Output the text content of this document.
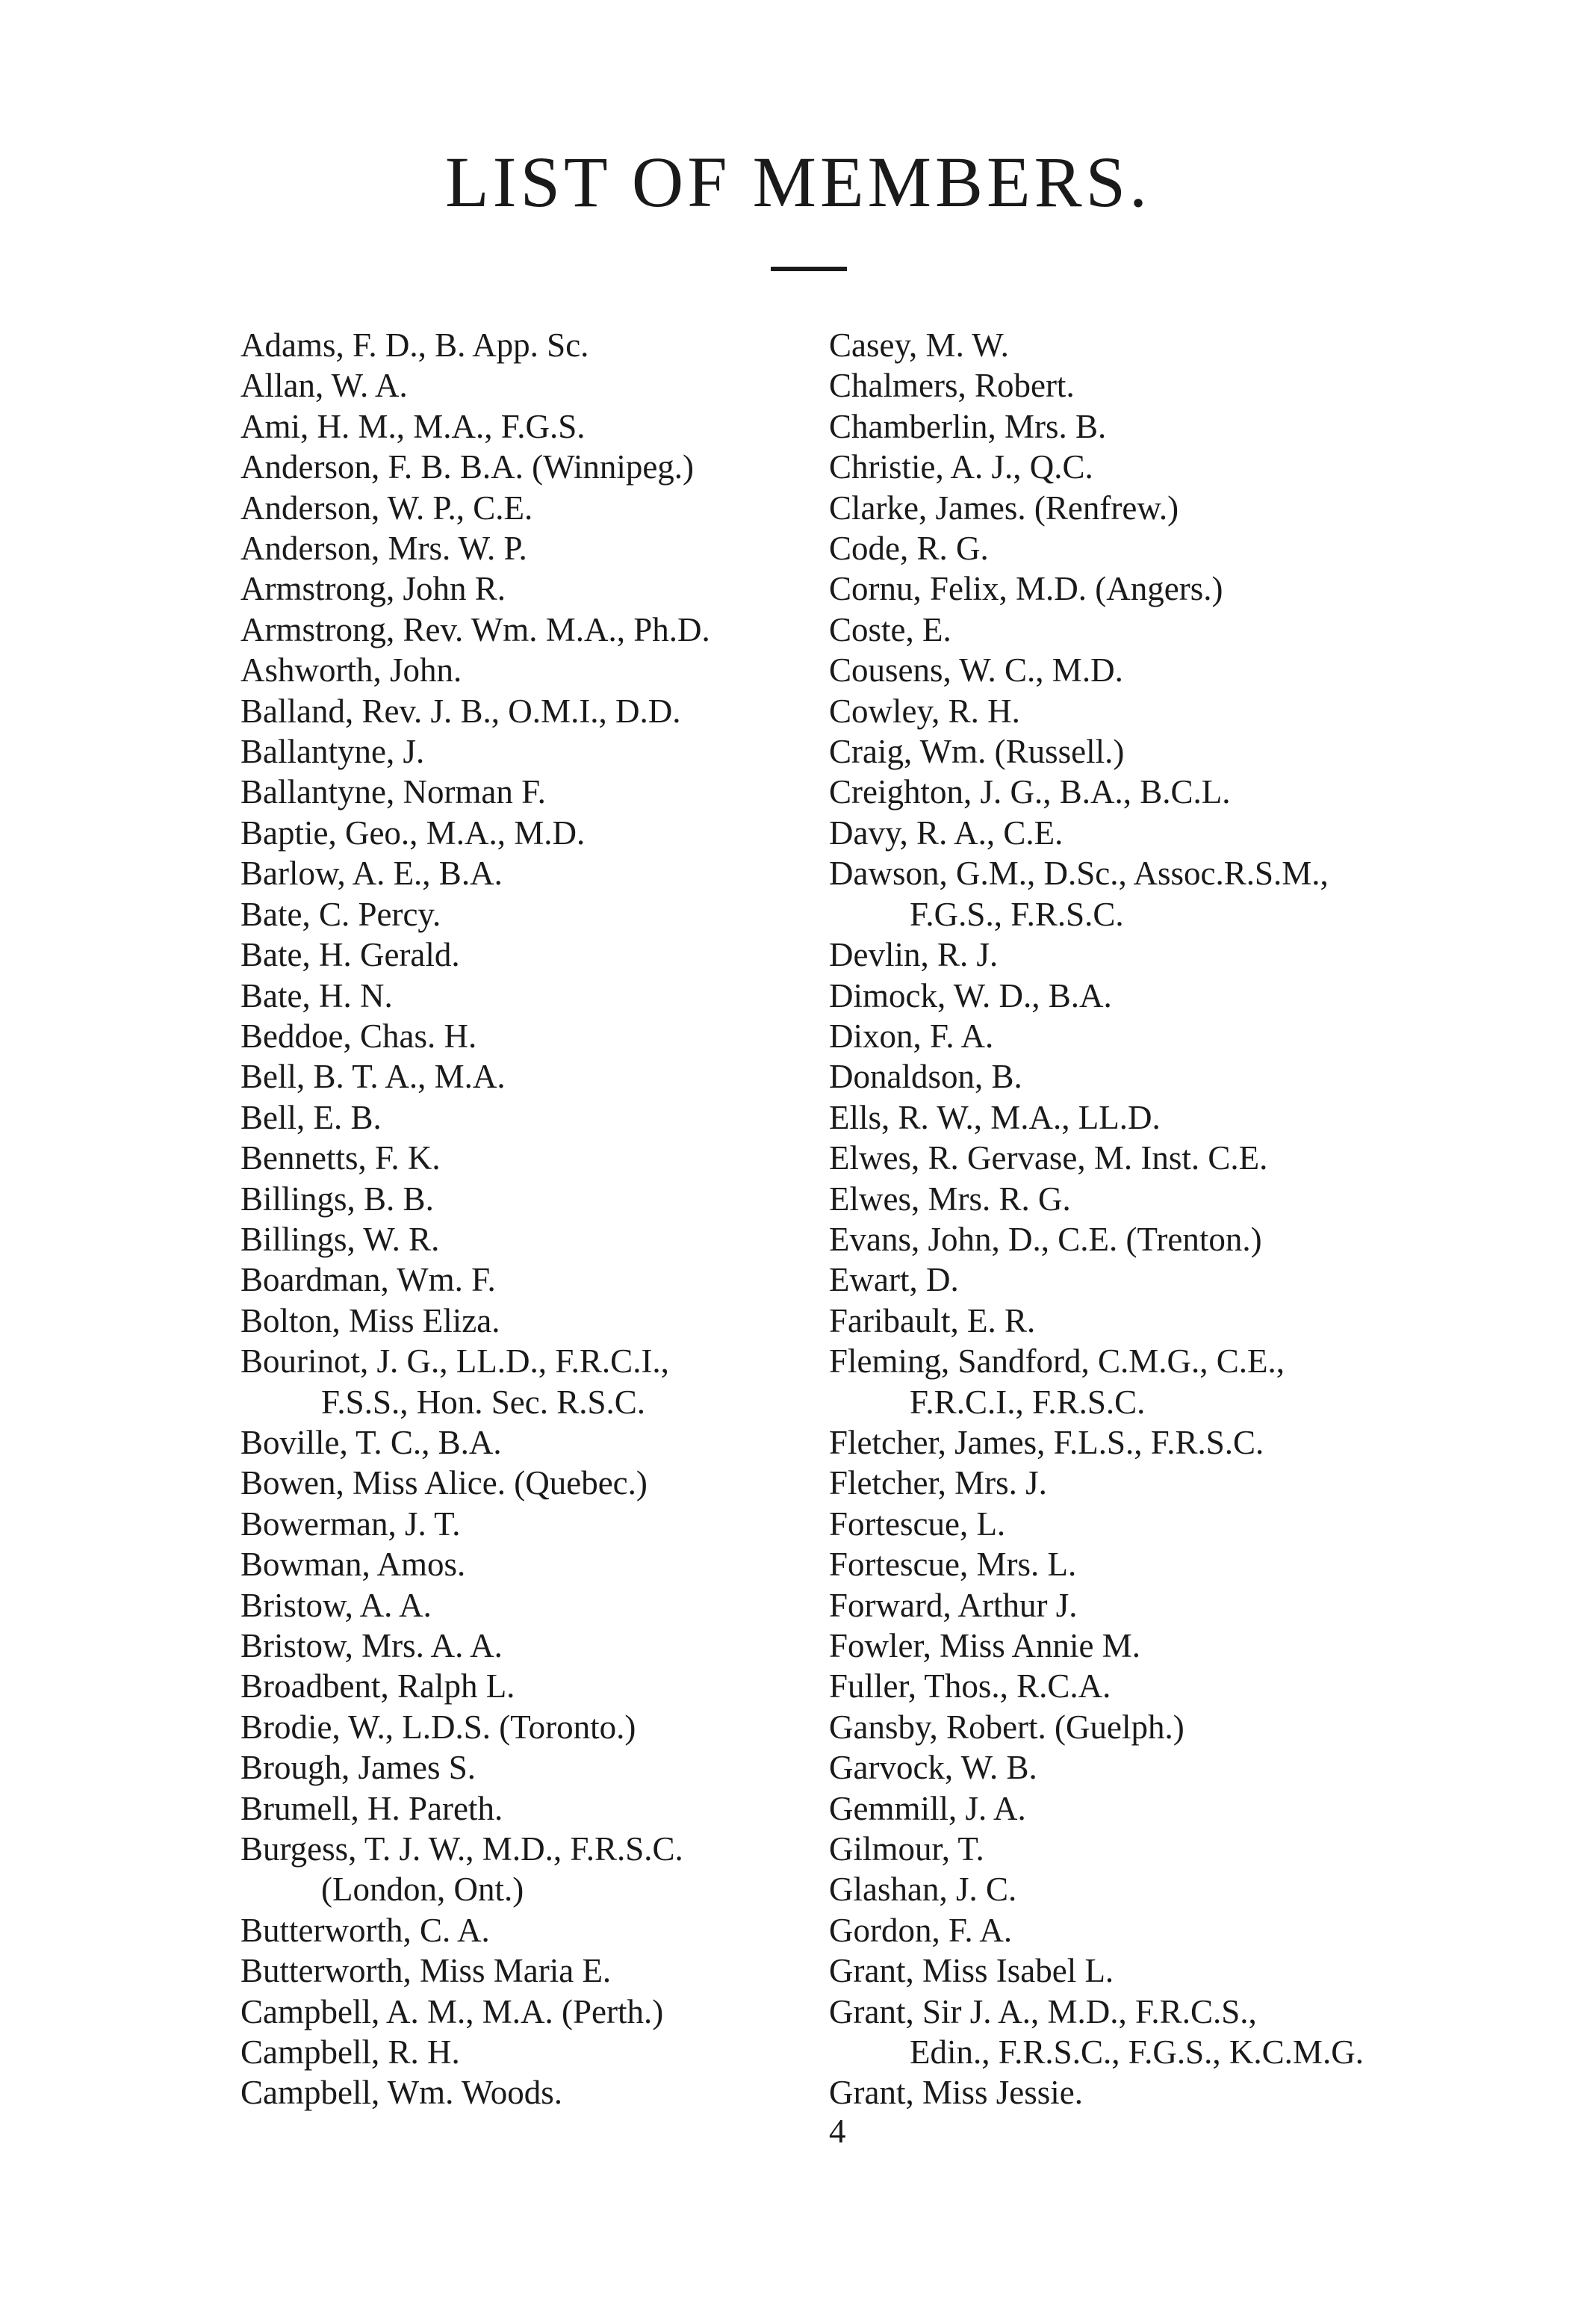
LIST OF MEMBERS.
Adams, F. D., B. App. Sc.
Allan, W. A.
Ami, H. M., M.A., F.G.S.
Anderson, F. B. B.A. (Winnipeg.)
Anderson, W. P., C.E.
Anderson, Mrs. W. P.
Armstrong, John R.
Armstrong, Rev. Wm. M.A., Ph.D.
Ashworth, John.
Balland, Rev. J. B., O.M.I., D.D.
Ballantyne, J.
Ballantyne, Norman F.
Baptie, Geo., M.A., M.D.
Barlow, A. E., B.A.
Bate, C. Percy.
Bate, H. Gerald.
Bate, H. N.
Beddoe, Chas. H.
Bell, B. T. A., M.A.
Bell, E. B.
Bennetts, F. K.
Billings, B. B.
Billings, W. R.
Boardman, Wm. F.
Bolton, Miss Eliza.
Bourinot, J. G., LL.D., F.R.C.I.,
F.S.S., Hon. Sec. R.S.C.
Boville, T. C., B.A.
Bowen, Miss Alice. (Quebec.)
Bowerman, J. T.
Bowman, Amos.
Bristow, A. A.
Bristow, Mrs. A. A.
Broadbent, Ralph L.
Brodie, W., L.D.S. (Toronto.)
Brough, James S.
Brumell, H. Pareth.
Burgess, T. J. W., M.D., F.R.S.C.
(London, Ont.)
Butterworth, C. A.
Butterworth, Miss Maria E.
Campbell, A. M., M.A. (Perth.)
Campbell, R. H.
Campbell, Wm. Woods.
Casey, M. W.
Chalmers, Robert.
Chamberlin, Mrs. B.
Christie, A. J., Q.C.
Clarke, James. (Renfrew.)
Code, R. G.
Cornu, Felix, M.D. (Angers.)
Coste, E.
Cousens, W. C., M.D.
Cowley, R. H.
Craig, Wm. (Russell.)
Creighton, J. G., B.A., B.C.L.
Davy, R. A., C.E.
Dawson, G.M., D.Sc., Assoc.R.S.M.,
F.G.S., F.R.S.C.
Devlin, R. J.
Dimock, W. D., B.A.
Dixon, F. A.
Donaldson, B.
Ells, R. W., M.A., LL.D.
Elwes, R. Gervase, M. Inst. C.E.
Elwes, Mrs. R. G.
Evans, John, D., C.E. (Trenton.)
Ewart, D.
Faribault, E. R.
Fleming, Sandford, C.M.G., C.E.,
F.R.C.I., F.R.S.C.
Fletcher, James, F.L.S., F.R.S.C.
Fletcher, Mrs. J.
Fortescue, L.
Fortescue, Mrs. L.
Forward, Arthur J.
Fowler, Miss Annie M.
Fuller, Thos., R.C.A.
Gansby, Robert. (Guelph.)
Garvock, W. B.
Gemmill, J. A.
Gilmour, T.
Glashan, J. C.
Gordon, F. A.
Grant, Miss Isabel L.
Grant, Sir J. A., M.D., F.R.C.S.,
Edin., F.R.S.C., F.G.S., K.C.M.G.
Grant, Miss Jessie.
4
